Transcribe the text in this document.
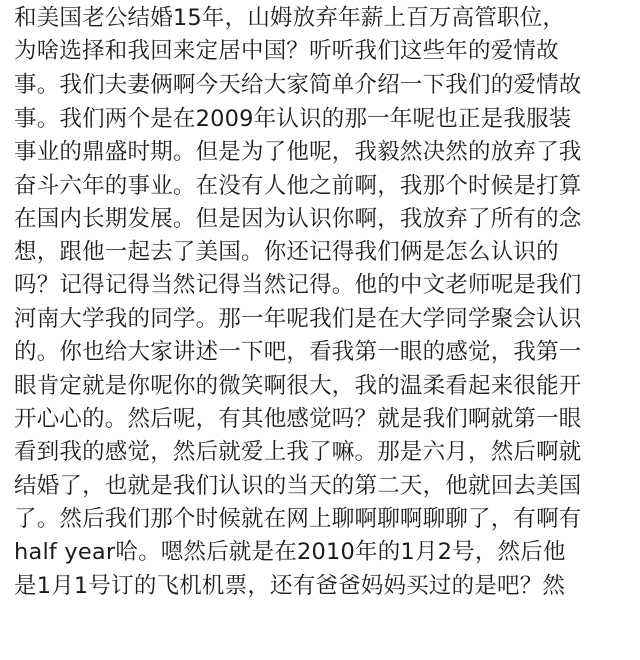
和美国老公结婚15年，山姆放弃年薪上百万高管职位，
为啥选择和我回来定居中国？听听我们这些年的爱情故
事。我们夫妻俩啊今天给大家简单介绍一下我们的爱情故
事。我们两个是在2009年认识的那一年呢也正是我服装
事业的鼎盛时期。但是为了他呢，我毅然决然的放弃了我
奋斗六年的事业。在没有人他之前啊，我那个时候是打算
在国内长期发展。但是因为认识你啊，我放弃了所有的念
想，跟他一起去了美国。你还记得我们俩是怎么认识的
吗？记得记得当然记得当然记得。他的中文老师呢是我们
河南大学我的同学。那一年呢我们是在大学同学聚会认识
的。你也给大家讲述一下吧，看我第一眼的感觉，我第一
眼肯定就是你呢你的微笑啊很大，我的温柔看起来很能开
开心心的。然后呢，有其他感觉吗？就是我们啊就第一眼
看到我的感觉，然后就爱上我了嘛。那是六月，然后啊就
结婚了，也就是我们认识的当天的第二天，他就回去美国
了。然后我们那个时候就在网上聊啊聊啊聊聊了，有啊有
half year哈。嗯然后就是在2010年的1月2号，然后他
是1月1号订的飞机机票，还有爸爸妈妈买过的是吧？然
